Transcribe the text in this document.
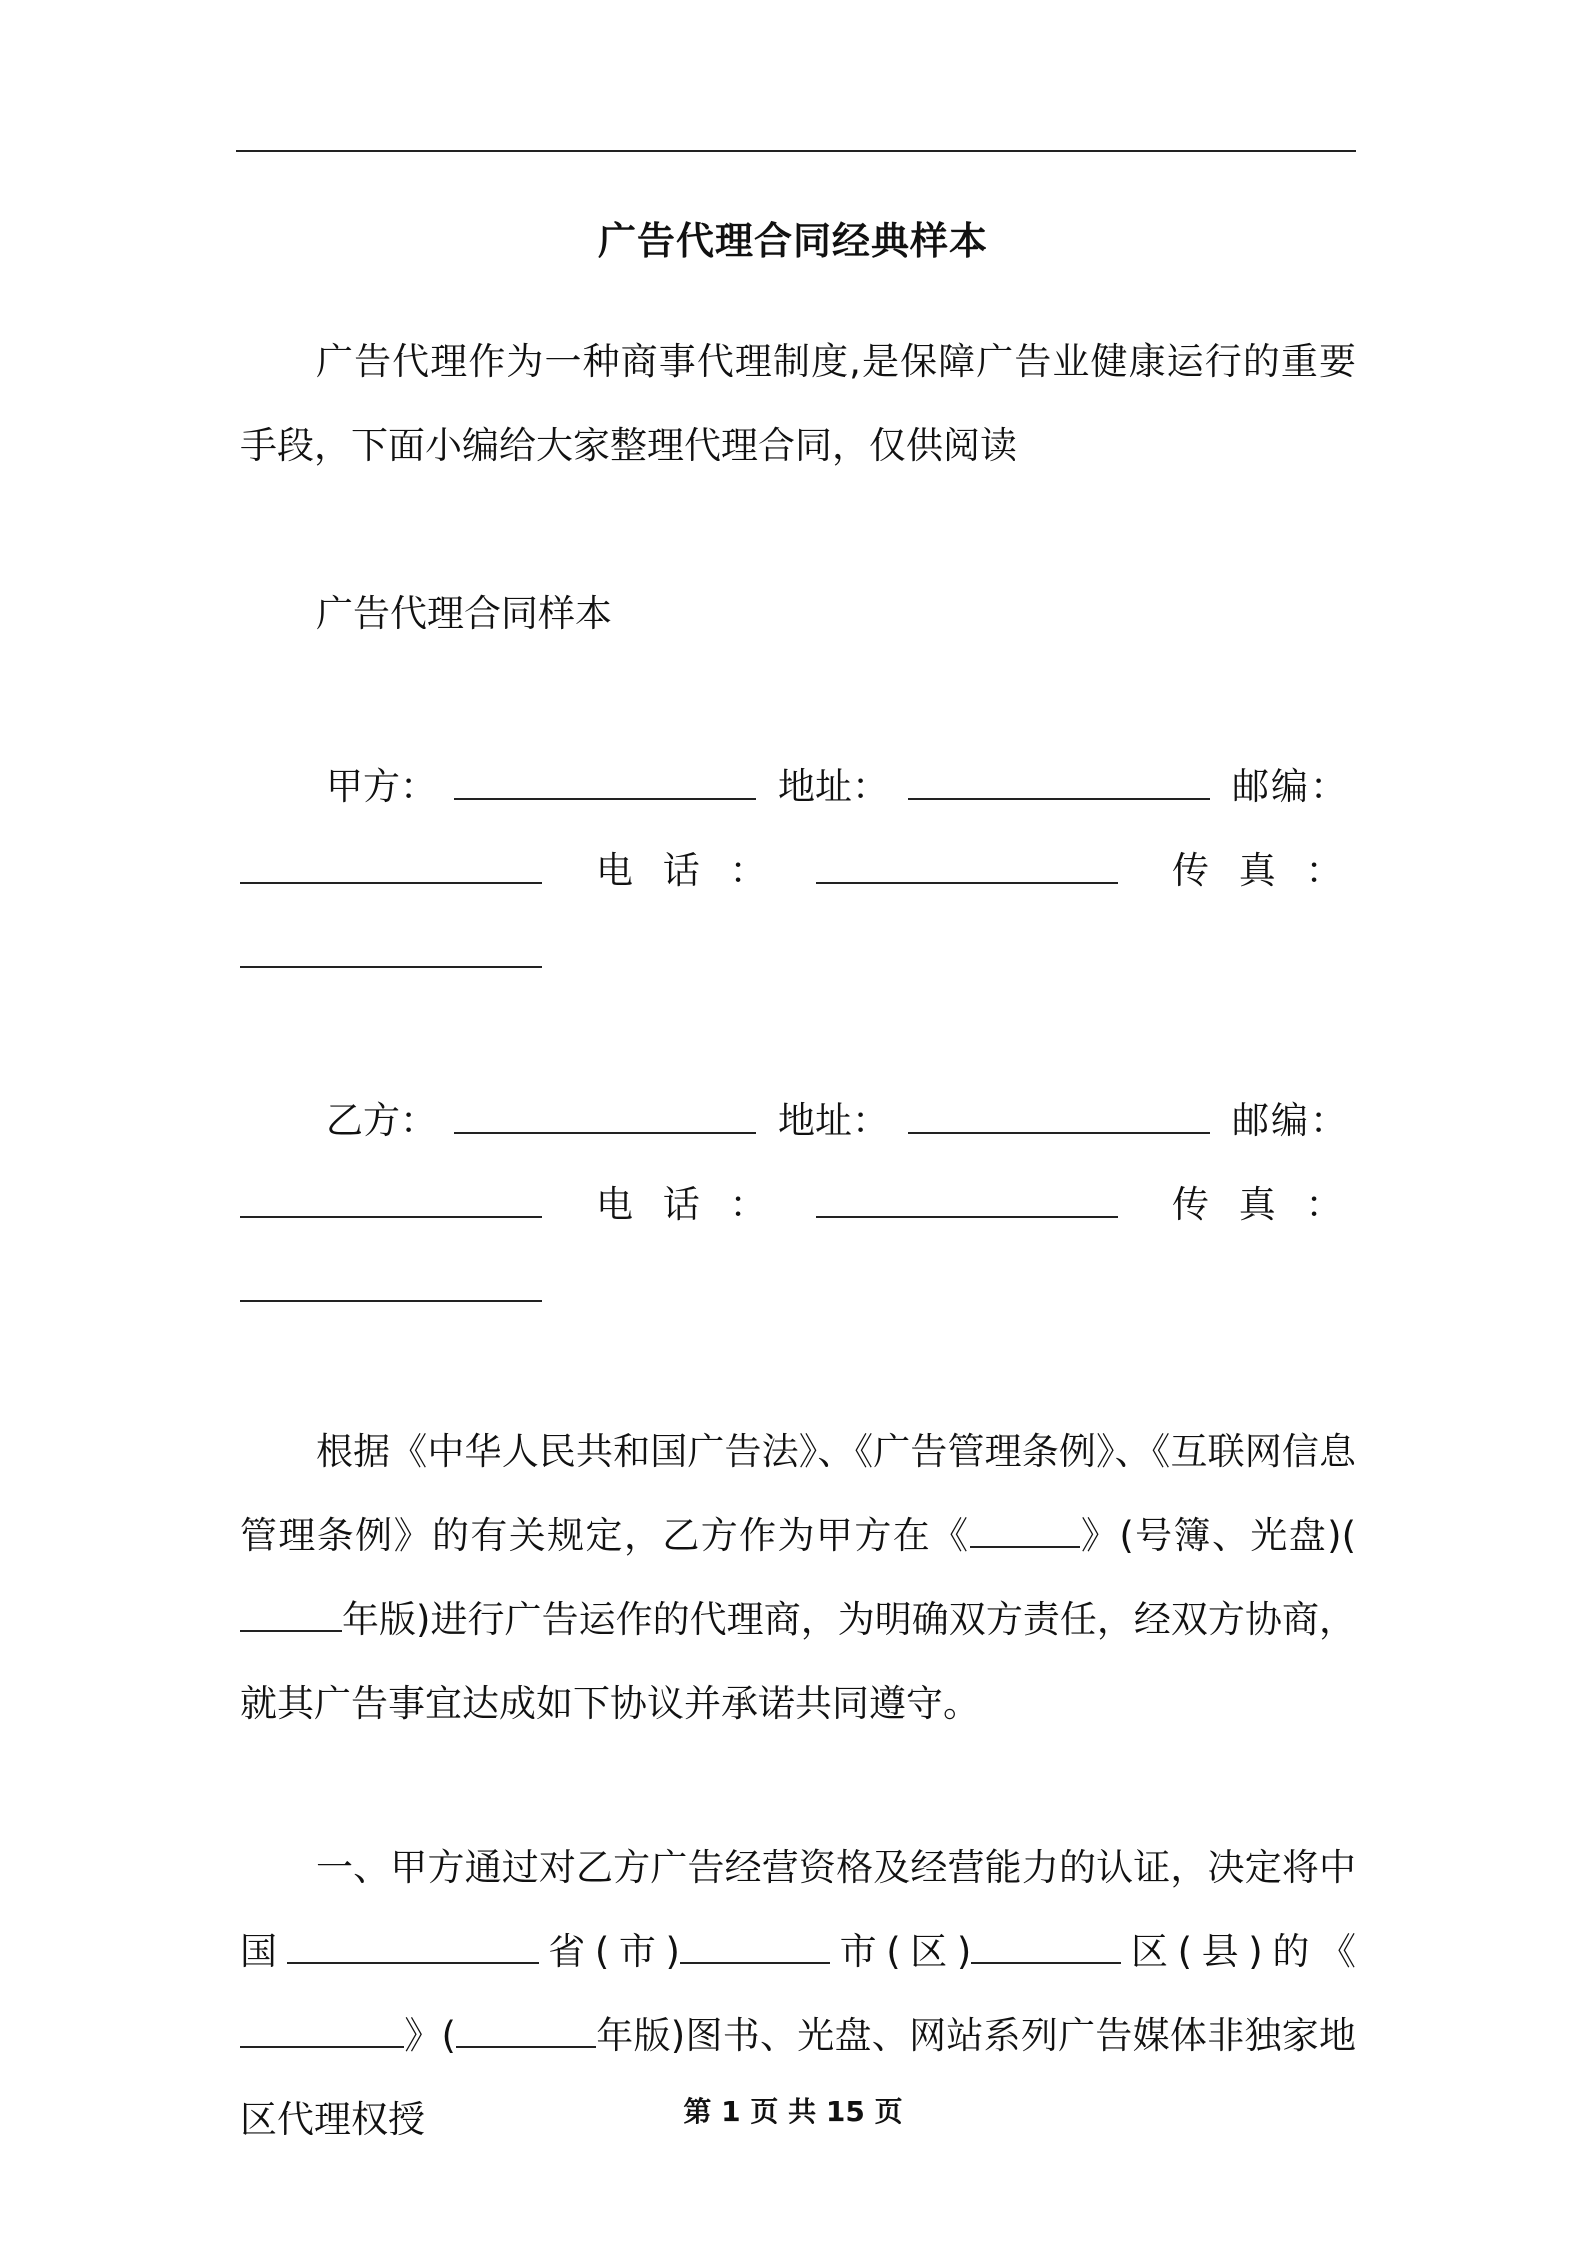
广告代理合同经典样本
广告代理作为一种商事代理制度,是保障广告业健康运行的重要手段，下面小编给大家整理代理合同，仅供阅读
广告代理合同样本
甲方：	地址：	邮编：
电 话 ：	传 真 ：
乙方：	地址：	邮编：
电 话 ：	传 真 ：
根据《中华人民共和国广告法》、《广告管理条例》、《互联网信息管理条例》的有关规定，乙方作为甲方在《	》(号簿、光盘)(年版)进行广告运作的代理商，为明确双方责任，经双方协商，就其广告事宜达成如下协议并承诺共同遵守。
一、甲方通过对乙方广告经营资格及经营能力的认证，决定将中国	省(市)	市(区)	区(县)的《》(	年版)图书、光盘、网站系列广告媒体非独家地区代理权授	第 1 页 共 15 页
